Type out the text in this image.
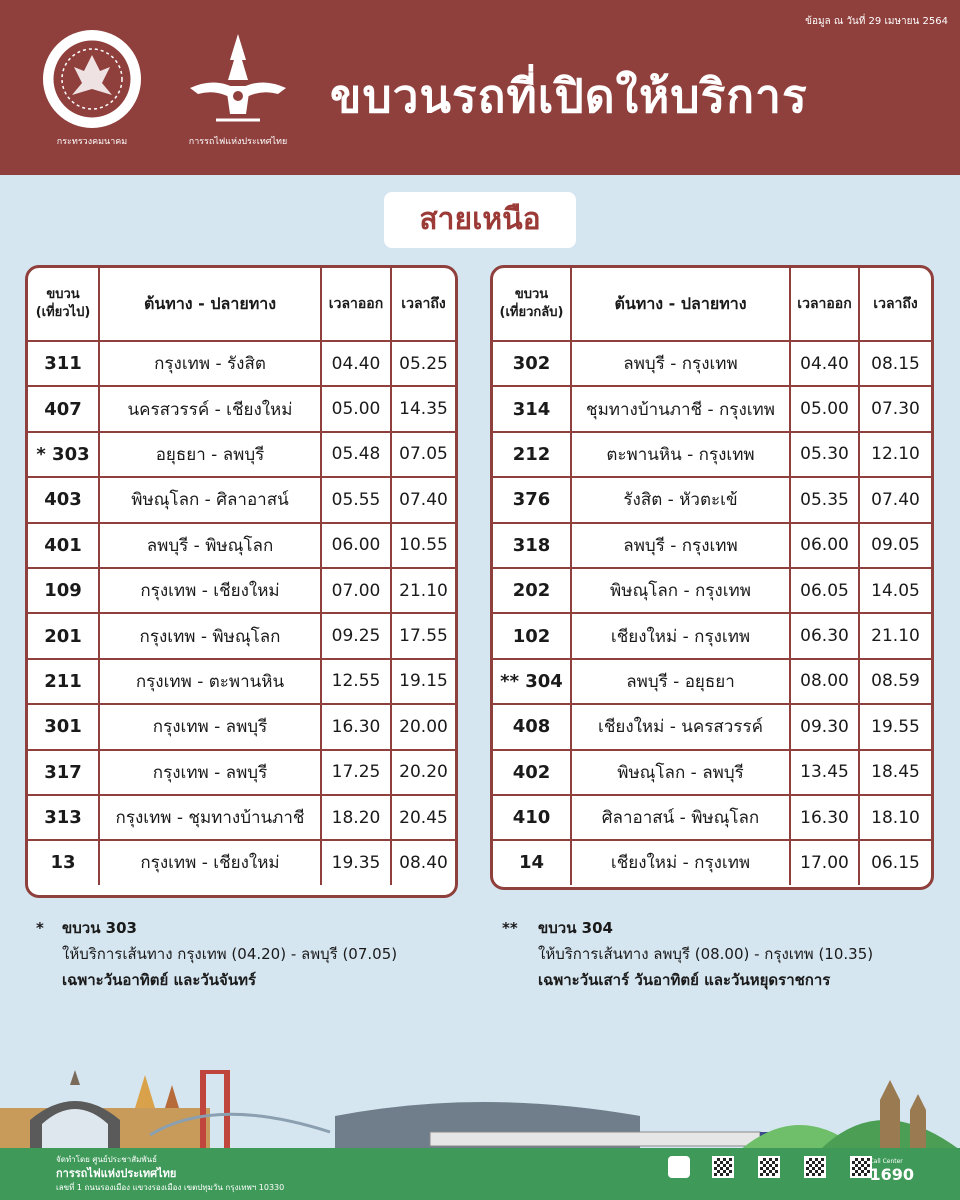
ข้อมูล ณ วันที่ 29 เมษายน 2564
กระทรวงคมนาคม	การรถไฟแห่งประเทศไทย
ขบวนรถที่เปิดให้บริการ
สายเหนือ
ขบวน
(เที่ยวไป)	ต้นทาง - ปลายทาง	เวลาออก	เวลาถึง
311	กรุงเทพ - รังสิต	04.40	05.25
407	นครสวรรค์ - เชียงใหม่	05.00	14.35
* 303	อยุธยา - ลพบุรี	05.48	07.05
403	พิษณุโลก - ศิลาอาสน์	05.55	07.40
401	ลพบุรี - พิษณุโลก	06.00	10.55
109	กรุงเทพ - เชียงใหม่	07.00	21.10
201	กรุงเทพ - พิษณุโลก	09.25	17.55
211	กรุงเทพ - ตะพานหิน	12.55	19.15
301	กรุงเทพ - ลพบุรี	16.30	20.00
317	กรุงเทพ - ลพบุรี	17.25	20.20
313	กรุงเทพ - ชุมทางบ้านภาชี	18.20	20.45
13	กรุงเทพ - เชียงใหม่	19.35	08.40
ขบวน
(เที่ยวกลับ)	ต้นทาง - ปลายทาง	เวลาออก	เวลาถึง
302	ลพบุรี - กรุงเทพ	04.40	08.15
314	ชุมทางบ้านภาชี - กรุงเทพ	05.00	07.30
212	ตะพานหิน - กรุงเทพ	05.30	12.10
376	รังสิต - หัวตะเข้	05.35	07.40
318	ลพบุรี - กรุงเทพ	06.00	09.05
202	พิษณุโลก - กรุงเทพ	06.05	14.05
102	เชียงใหม่ - กรุงเทพ	06.30	21.10
** 304	ลพบุรี - อยุธยา	08.00	08.59
408	เชียงใหม่ - นครสวรรค์	09.30	19.55
402	พิษณุโลก - ลพบุรี	13.45	18.45
410	ศิลาอาสน์ - พิษณุโลก	16.30	18.10
14	เชียงใหม่ - กรุงเทพ	17.00	06.15
* ขบวน 303
ให้บริการเส้นทาง กรุงเทพ (04.20) - ลพบุรี (07.05)
เฉพาะวันอาทิตย์ และวันจันทร์
** ขบวน 304
ให้บริการเส้นทาง ลพบุรี (08.00) - กรุงเทพ (10.35)
เฉพาะวันเสาร์ วันอาทิตย์ และวันหยุดราชการ
จัดทำโดย ศูนย์ประชาสัมพันธ์
การรถไฟแห่งประเทศไทย
เลขที่ 1 ถนนรองเมือง แขวงรองเมือง เขตปทุมวัน กรุงเทพฯ 10330
Call Center
1690
